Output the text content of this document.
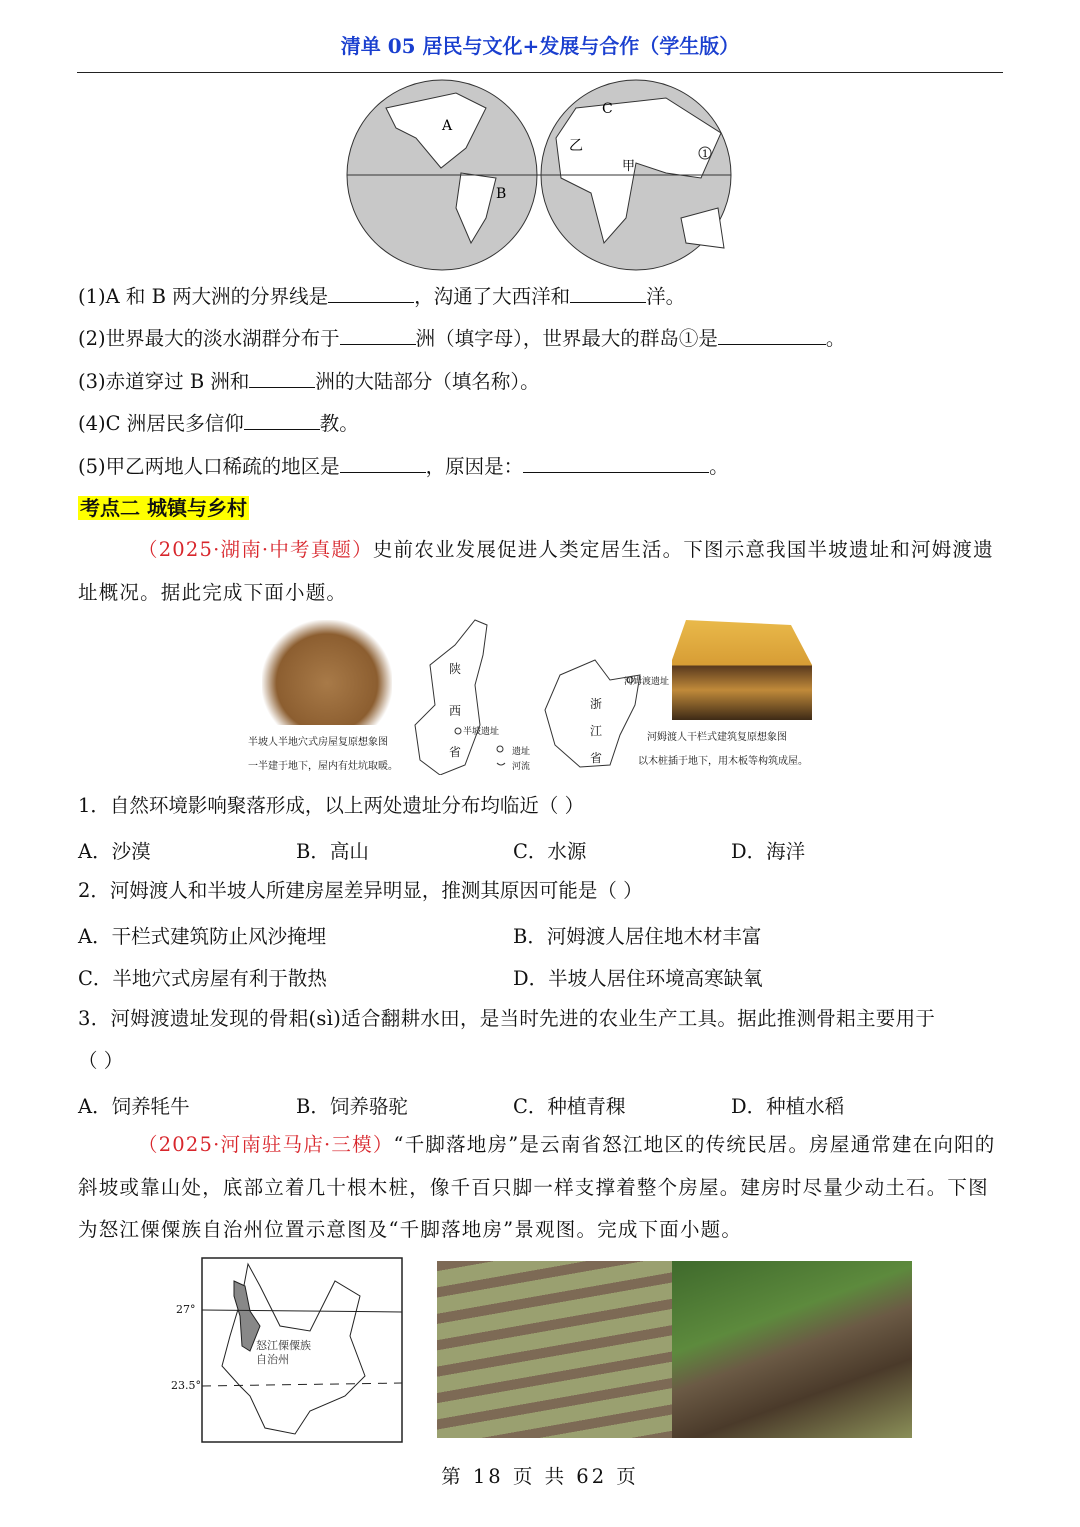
清单 05 居民与文化+发展与合作（学生版）
A
B
C
乙
甲
1
(1)A 和 B 两大洲的分界线是	，沟通了大西洋和	洋。
(2)世界最大的淡水湖群分布于	洲（填字母），世界最大的群岛①是	。
(3)赤道穿过 B 洲和	洲的大陆部分（填名称）。
(4)C 洲居民多信仰	教。
(5)甲乙两地人口稀疏的地区是	，原因是：	。
考点二 城镇与乡村
（2025·湖南·中考真题）史前农业发展促进人类定居生活。下图示意我国半坡遗址和河姆渡遗址概况。据此完成下面小题。
半坡人半地穴式房屋复原想象图
一半建于地下，屋内有灶坑取暖。
陕
西
省
半坡遗址
遗址
河流
浙
江
省
河姆渡遗址
河姆渡人干栏式建筑复原想象图
以木桩插于地下，用木板等构筑成屋。
1．自然环境影响聚落形成，以上两处遗址分布均临近（ ）
A．沙漠	B．高山	C．水源	D．海洋
2．河姆渡人和半坡人所建房屋差异明显，推测其原因可能是（ ）
A．干栏式建筑防止风沙掩埋	B．河姆渡人居住地木材丰富
C．半地穴式房屋有利于散热	D．半坡人居住环境高寒缺氧
3．河姆渡遗址发现的骨耜(sì)适合翻耕水田，是当时先进的农业生产工具。据此推测骨耜主要用于
（ ）
A．饲养牦牛	B．饲养骆驼	C．种植青稞	D．种植水稻
（2025·河南驻马店·三模）“千脚落地房”是云南省怒江地区的传统民居。房屋通常建在向阳的斜坡或靠山处，底部立着几十根木桩，像千百只脚一样支撑着整个房屋。建房时尽量少动土石。下图为怒江傈僳族自治州位置示意图及“千脚落地房”景观图。完成下面小题。
27°
23.5°
怒江傈僳族
自治州
第 18 页 共 62 页
